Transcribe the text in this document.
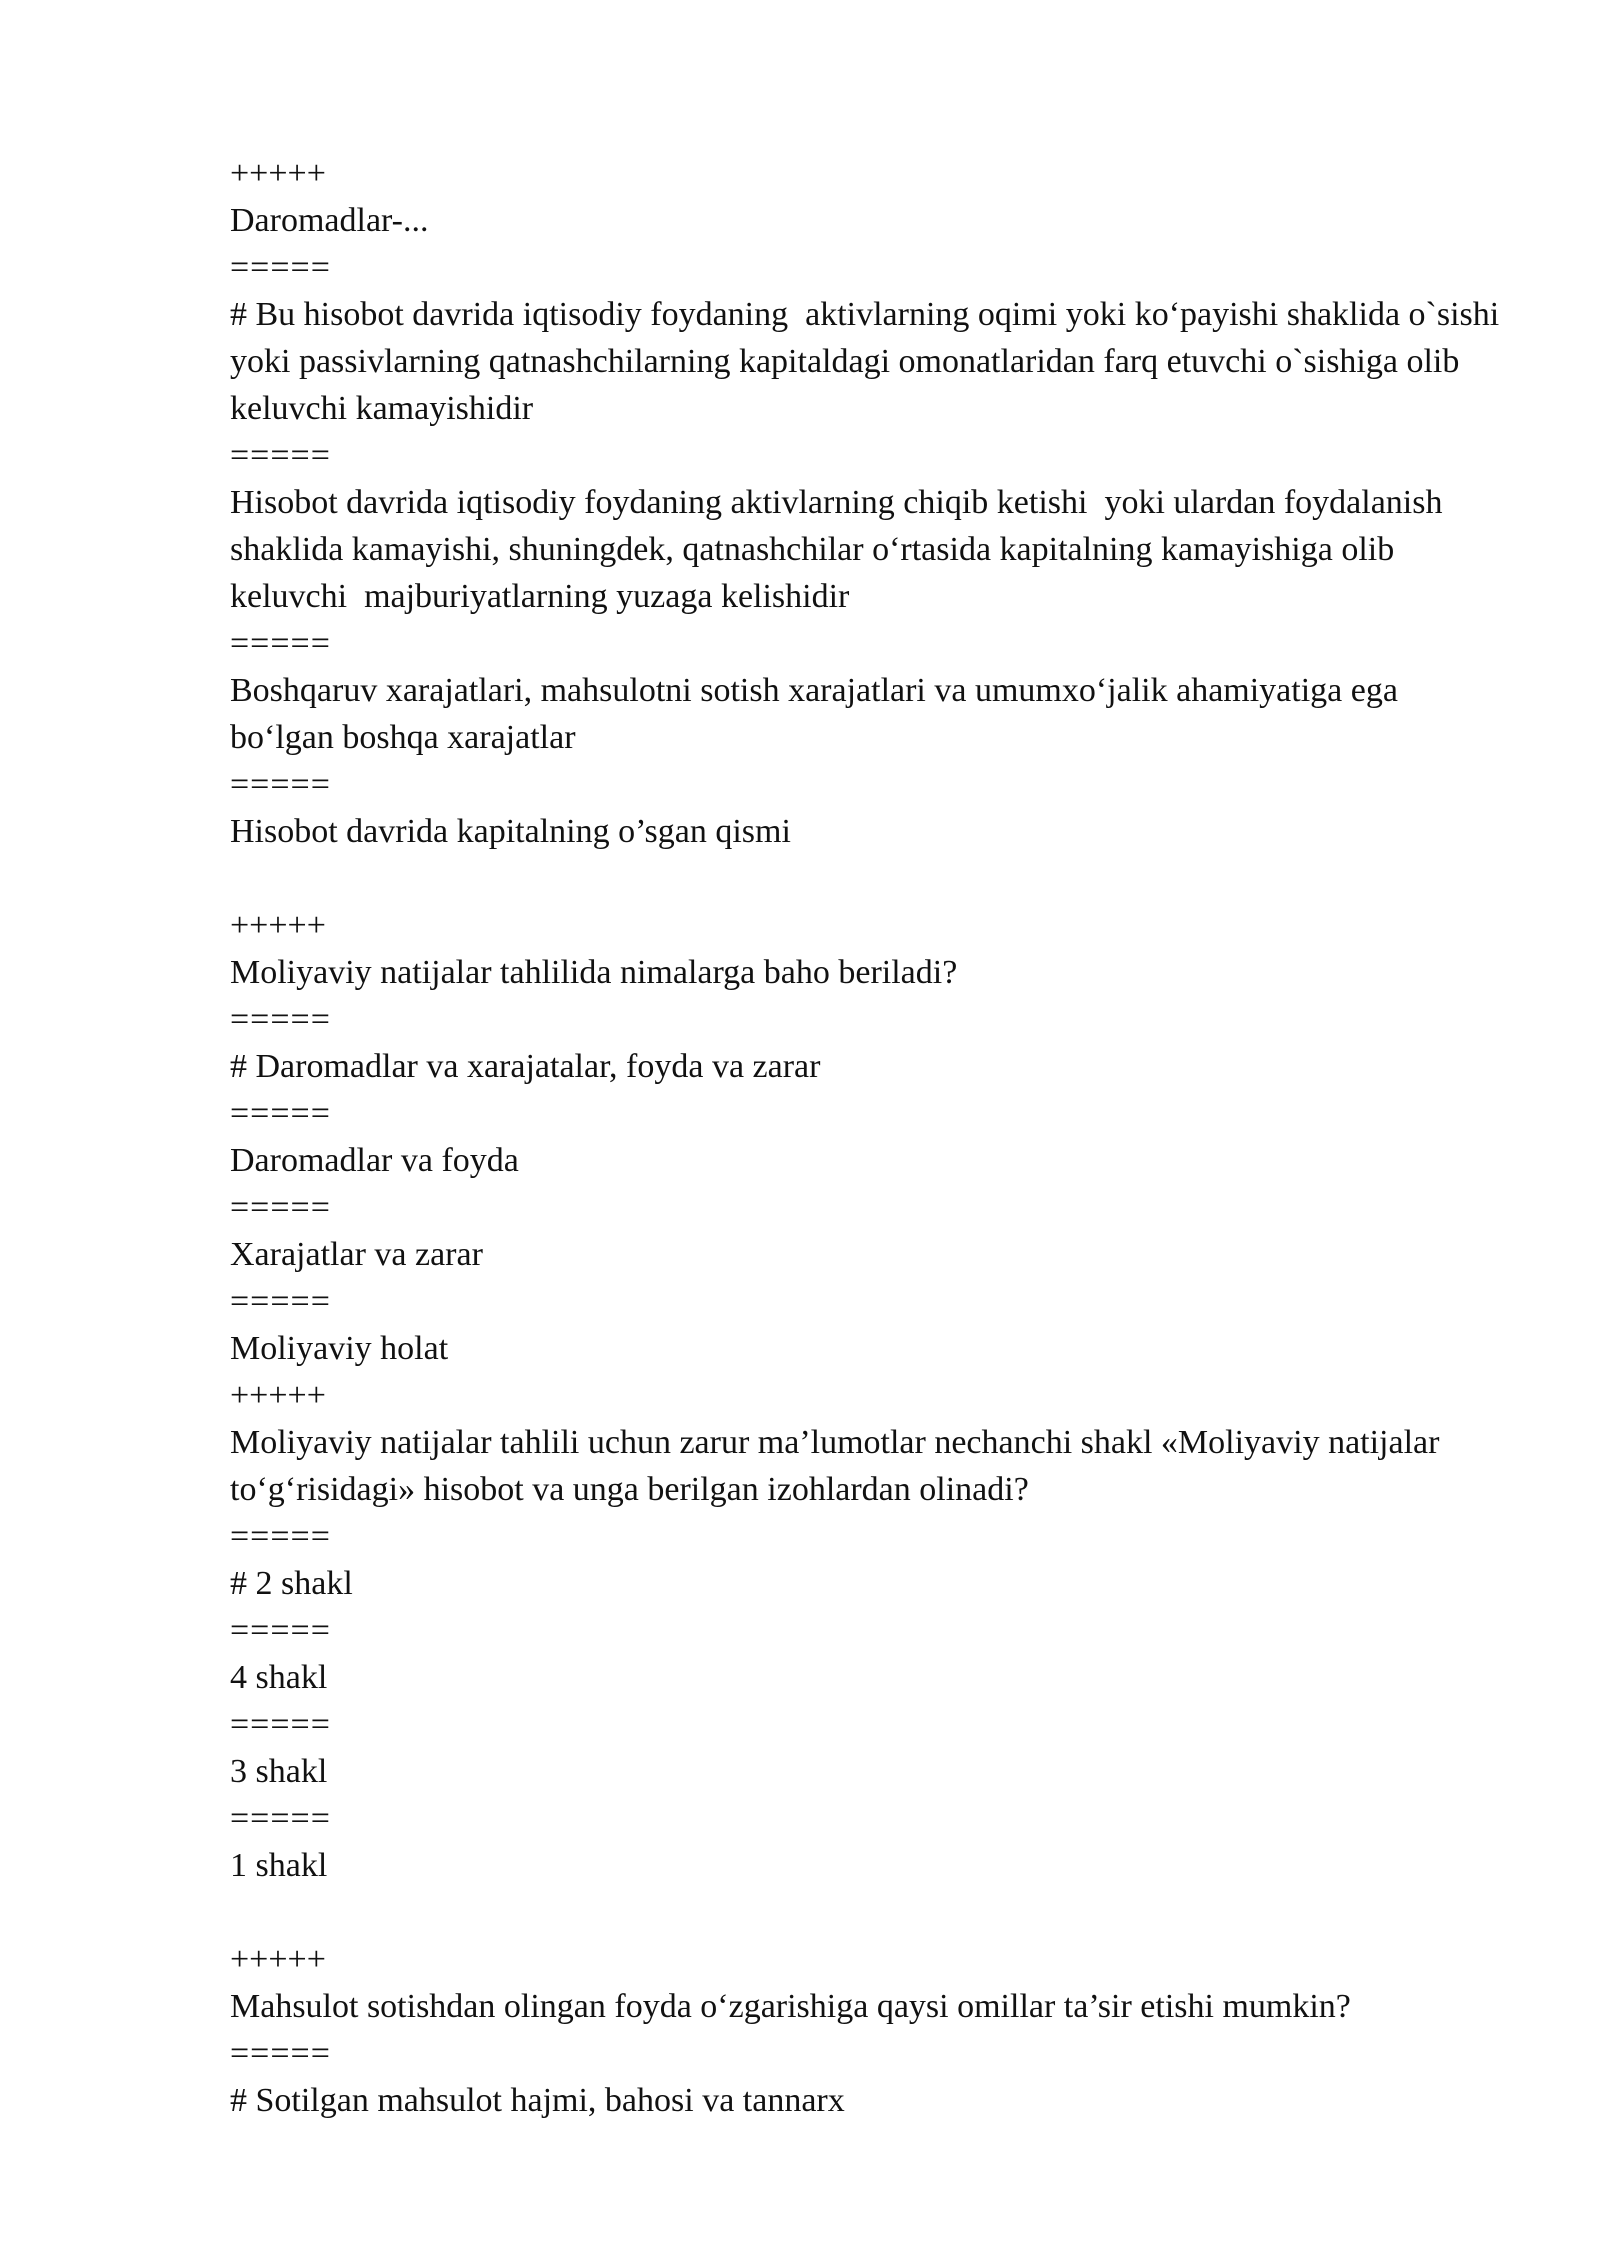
+++++
Daromadlar-...
=====
# Bu hisobot davrida iqtisodiy foydaning  aktivlarning oqimi yoki ko‘payishi shaklida o`sishi yoki passivlarning qatnashchilarning kapitaldagi omonatlaridan farq etuvchi o`sishiga olib keluvchi kamayishidir
=====
Hisobot davrida iqtisodiy foydaning aktivlarning chiqib ketishi  yoki ulardan foydalanish  shaklida kamayishi, shuningdek, qatnashchilar o‘rtasida kapitalning kamayishiga olib keluvchi  majburiyatlarning yuzaga kelishidir
=====
Boshqaruv xarajatlari, mahsulotni sotish xarajatlari va umumxo‘jalik ahamiyatiga ega bo‘lgan boshqa xarajatlar
=====
Hisobot davrida kapitalning o’sgan qismi
+++++
Moliyaviy natijalar tahlilida nimalarga baho beriladi?
=====
# Daromadlar va xarajatalar, foyda va zarar
=====
Daromadlar va foyda
=====
Xarajatlar va zarar
=====
Moliyaviy holat
+++++
Moliyaviy natijalar tahlili uchun zarur ma’lumotlar nechanchi shakl «Moliyaviy natijalar to‘g‘risidagi» hisobot va unga berilgan izohlardan olinadi?
=====
# 2 shakl
=====
4 shakl
=====
3 shakl
=====
1 shakl
+++++
Mahsulot sotishdan olingan foyda o‘zgarishiga qaysi omillar ta’sir etishi mumkin?
=====
# Sotilgan mahsulot hajmi, bahosi va tannarx
